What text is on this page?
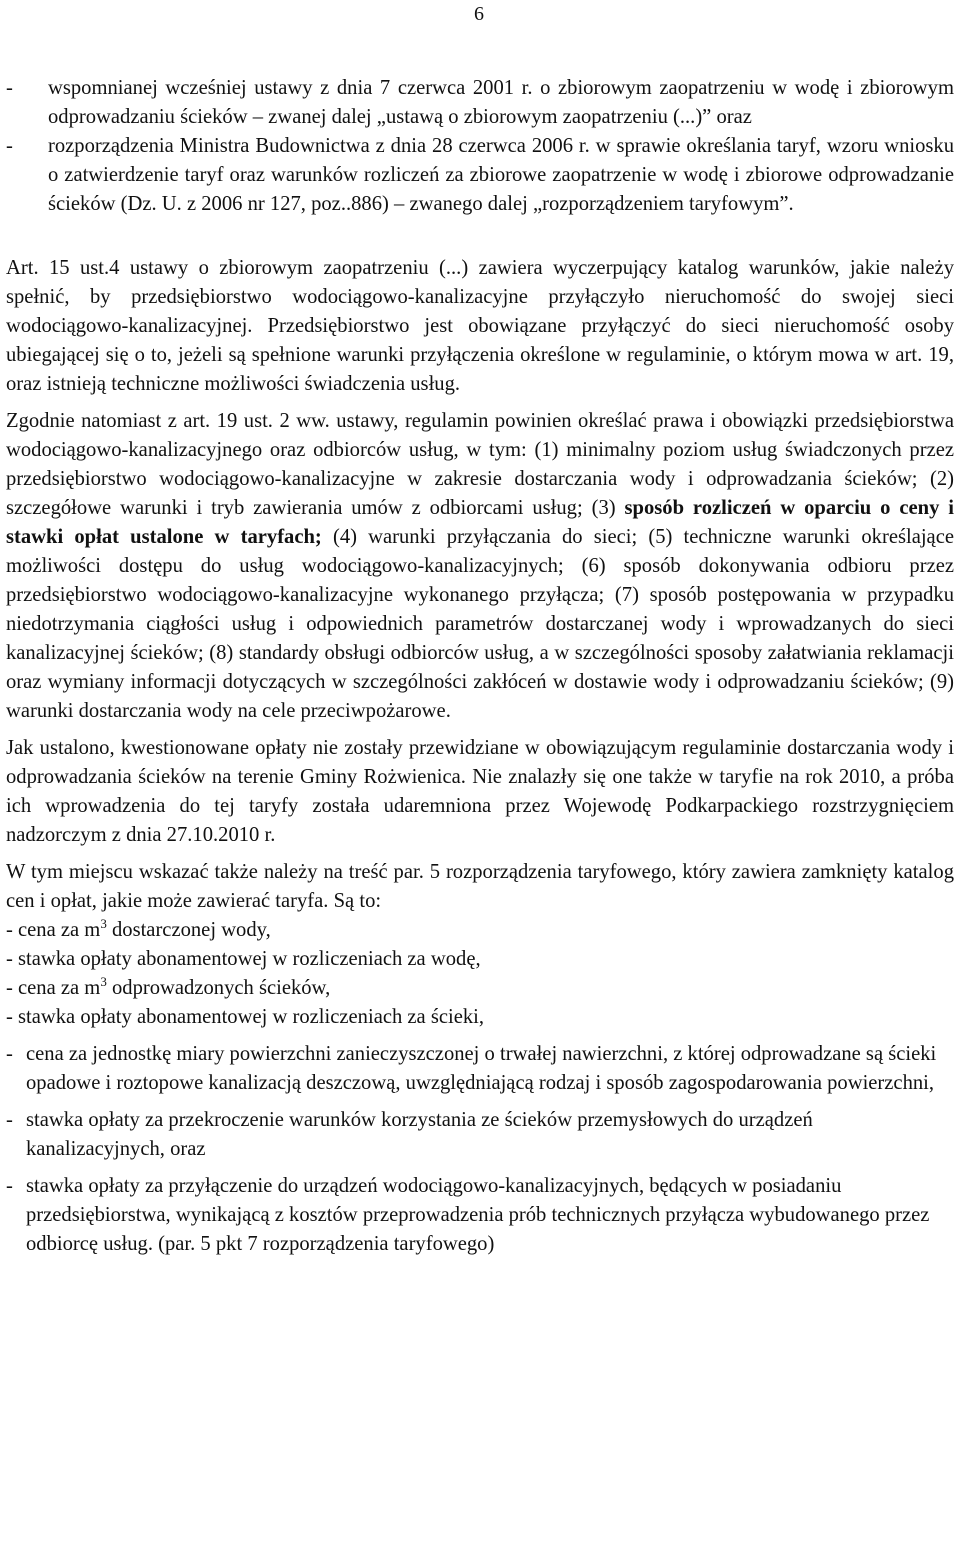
6
-	wspomnianej wcześniej ustawy z dnia 7 czerwca 2001 r. o zbiorowym zaopatrzeniu w wodę i zbiorowym odprowadzaniu ścieków – zwanej dalej „ustawą o zbiorowym zaopatrzeniu (...)” oraz
-	rozporządzenia Ministra Budownictwa z dnia 28 czerwca 2006 r. w sprawie określania taryf, wzoru wniosku o zatwierdzenie taryf oraz warunków rozliczeń za zbiorowe zaopatrzenie w wodę i zbiorowe odprowadzanie ścieków (Dz. U. z 2006 nr 127, poz..886) – zwanego dalej „rozporządzeniem taryfowym”.

Art. 15 ust.4 ustawy o zbiorowym zaopatrzeniu (...) zawiera wyczerpujący katalog warunków, jakie należy spełnić, by przedsiębiorstwo wodociągowo-kanalizacyjne przyłączyło nieruchomość do swojej sieci wodociągowo-kanalizacyjnej. Przedsiębiorstwo jest obowiązane przyłączyć do sieci nieruchomość osoby ubiegającej się o to, jeżeli są spełnione warunki przyłączenia określone w regulaminie, o którym mowa w art. 19, oraz istnieją techniczne możliwości świadczenia usług.

Zgodnie natomiast z art. 19 ust. 2 ww. ustawy, regulamin powinien określać prawa i obowiązki przedsiębiorstwa wodociągowo-kanalizacyjnego oraz odbiorców usług, w tym: (1) minimalny poziom usług świadczonych przez przedsiębiorstwo wodociągowo-kanalizacyjne w zakresie dostarczania wody i odprowadzania ścieków; (2) szczegółowe warunki i tryb zawierania umów z odbiorcami usług; (3) sposób rozliczeń w oparciu o ceny i stawki opłat ustalone w taryfach; (4) warunki przyłączania do sieci; (5) techniczne warunki określające możliwości dostępu do usług wodociągowo-kanalizacyjnych; (6) sposób dokonywania odbioru przez przedsiębiorstwo wodociągowo-kanalizacyjne wykonanego przyłącza; (7) sposób postępowania w przypadku niedotrzymania ciągłości usług i odpowiednich parametrów dostarczanej wody i wprowadzanych do sieci kanalizacyjnej ścieków; (8) standardy obsługi odbiorców usług, a w szczególności sposoby załatwiania reklamacji oraz wymiany informacji dotyczących w szczególności zakłóceń w dostawie wody i odprowadzaniu ścieków; (9) warunki dostarczania wody na cele przeciwpożarowe.

Jak ustalono, kwestionowane opłaty nie zostały przewidziane w obowiązującym regulaminie dostarczania wody i odprowadzania ścieków na terenie Gminy Rożwienica. Nie znalazły się one także w taryfie na rok 2010, a próba ich wprowadzenia do tej taryfy została udaremniona przez Wojewodę Podkarpackiego rozstrzygnięciem nadzorczym z dnia 27.10.2010 r.

W tym miejscu wskazać także należy na treść par. 5 rozporządzenia taryfowego, który zawiera zamknięty katalog cen i opłat, jakie może zawierać taryfa. Są to:

- cena za $m^3$ dostarczonej wody,

- stawka opłaty abonamentowej w rozliczeniach za wodę,

- cena za $m^3$ odprowadzonych ścieków,

- stawka opłaty abonamentowej w rozliczeniach za ścieki,

- cena za jednostkę miary powierzchni zanieczyszczonej o trwałej nawierzchni, z której odprowadzane są ścieki opadowe i roztopowe kanalizacją deszczową, uwzględniającą rodzaj i sposób zagospodarowania powierzchni,
- stawka opłaty za przekroczenie warunków korzystania ze ścieków przemysłowych do urządzeń kanalizacyjnych, oraz
- stawka opłaty za przyłączenie do urządzeń wodociągowo-kanalizacyjnych, będących w posiadaniu przedsiębiorstwa, wynikającą z kosztów przeprowadzenia prób technicznych przyłącza wybudowanego przez odbiorcę usług. (par. 5 pkt 7 rozporządzenia taryfowego)
